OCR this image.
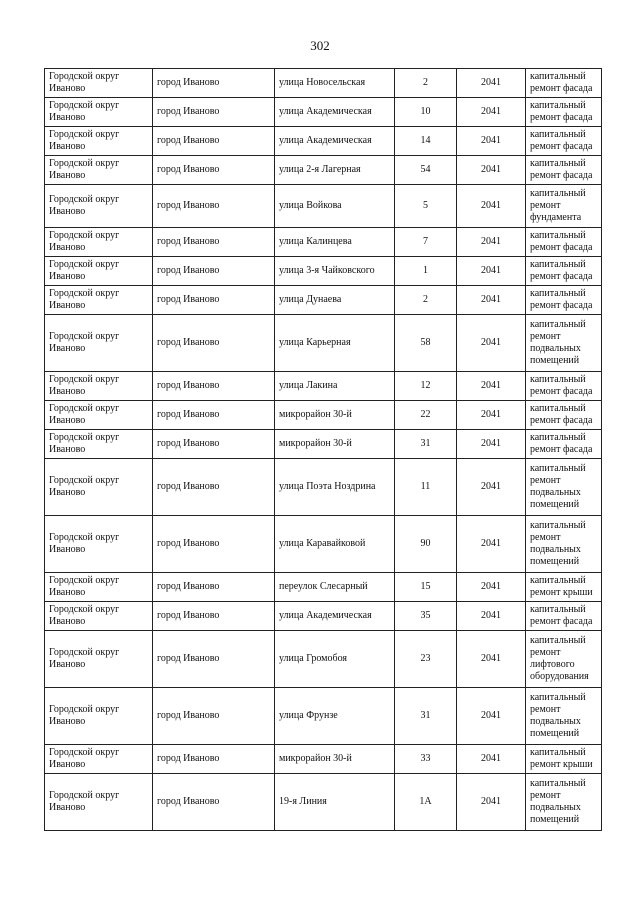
302
Городской округ Иваново	город Иваново	улица Новосельская	2	2041	капитальный ремонт фасада
Городской округ Иваново	город Иваново	улица Академическая	10	2041	капитальный ремонт фасада
Городской округ Иваново	город Иваново	улица Академическая	14	2041	капитальный ремонт фасада
Городской округ Иваново	город Иваново	улица 2-я Лагерная	54	2041	капитальный ремонт фасада
Городской округ Иваново	город Иваново	улица Войкова	5	2041	капитальный ремонт фундамента
Городской округ Иваново	город Иваново	улица Калинцева	7	2041	капитальный ремонт фасада
Городской округ Иваново	город Иваново	улица 3-я Чайковского	1	2041	капитальный ремонт фасада
Городской округ Иваново	город Иваново	улица Дунаева	2	2041	капитальный ремонт фасада
Городской округ Иваново	город Иваново	улица Карьерная	58	2041	капитальный ремонт подвальных помещений
Городской округ Иваново	город Иваново	улица Лакина	12	2041	капитальный ремонт фасада
Городской округ Иваново	город Иваново	микрорайон 30-й	22	2041	капитальный ремонт фасада
Городской округ Иваново	город Иваново	микрорайон 30-й	31	2041	капитальный ремонт фасада
Городской округ Иваново	город Иваново	улица Поэта Ноздрина	11	2041	капитальный ремонт подвальных помещений
Городской округ Иваново	город Иваново	улица Каравайковой	90	2041	капитальный ремонт подвальных помещений
Городской округ Иваново	город Иваново	переулок Слесарный	15	2041	капитальный ремонт крыши
Городской округ Иваново	город Иваново	улица Академическая	35	2041	капитальный ремонт фасада
Городской округ Иваново	город Иваново	улица Громобоя	23	2041	капитальный ремонт лифтового оборудования
Городской округ Иваново	город Иваново	улица Фрунзе	31	2041	капитальный ремонт подвальных помещений
Городской округ Иваново	город Иваново	микрорайон 30-й	33	2041	капитальный ремонт крыши
Городской округ Иваново	город Иваново	19-я Линия	1А	2041	капитальный ремонт подвальных помещений
